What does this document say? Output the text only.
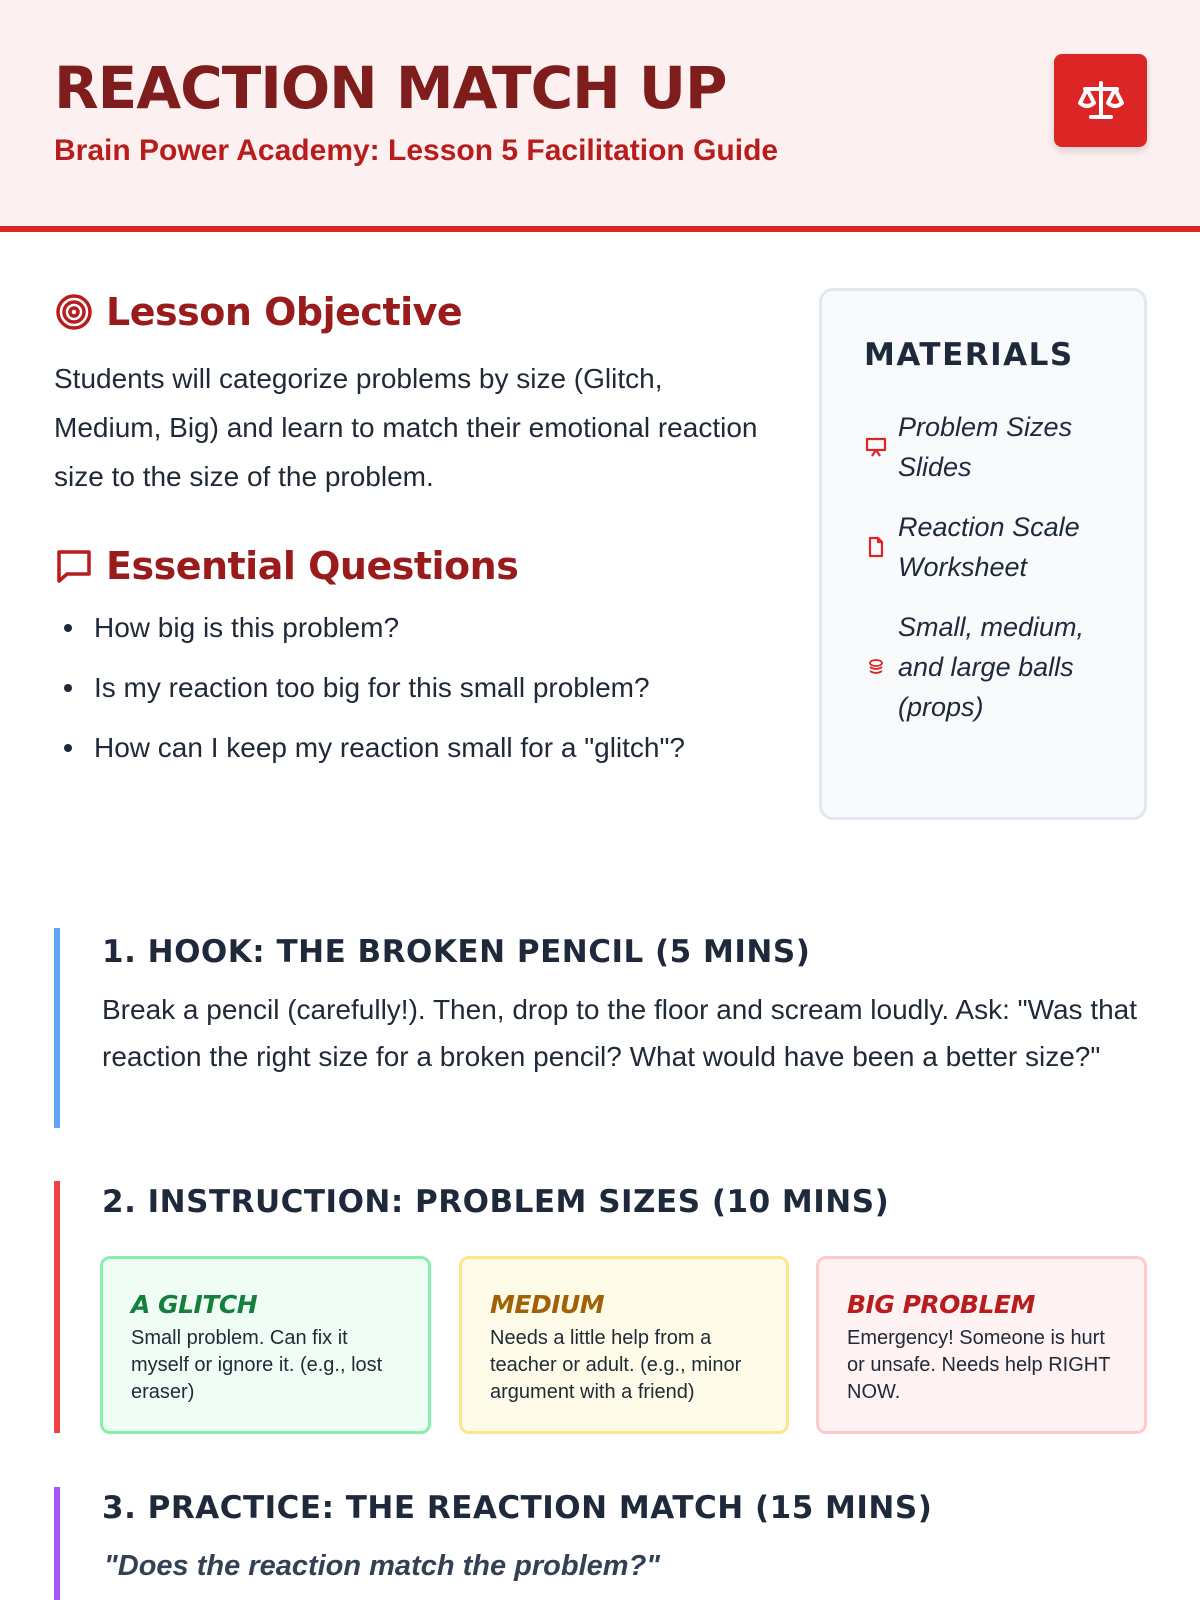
REACTION MATCH UP
Brain Power Academy: Lesson 5 Facilitation Guide
Lesson Objective
Students will categorize problems by size (Glitch, Medium, Big) and learn to match their emotional reaction size to the size of the problem.
Essential Questions
How big is this problem?
Is my reaction too big for this small problem?
How can I keep my reaction small for a "glitch"?
MATERIALS
Problem Sizes Slides
Reaction Scale Worksheet
Small, medium, and large balls (props)
1. HOOK: THE BROKEN PENCIL (5 MINS)

Break a pencil (carefully!). Then, drop to the floor and scream loudly. Ask: "Was that reaction the right size for a broken pencil? What would have been a better size?"

2. INSTRUCTION: PROBLEM SIZES (10 MINS)
A GLITCH
Small problem. Can fix it myself or ignore it. (e.g., lost eraser)
MEDIUM
Needs a little help from a teacher or adult. (e.g., minor argument with a friend)
BIG PROBLEM
Emergency! Someone is hurt or unsafe. Needs help RIGHT NOW.
3. PRACTICE: THE REACTION MATCH (15 MINS)
"Does the reaction match the problem?"
